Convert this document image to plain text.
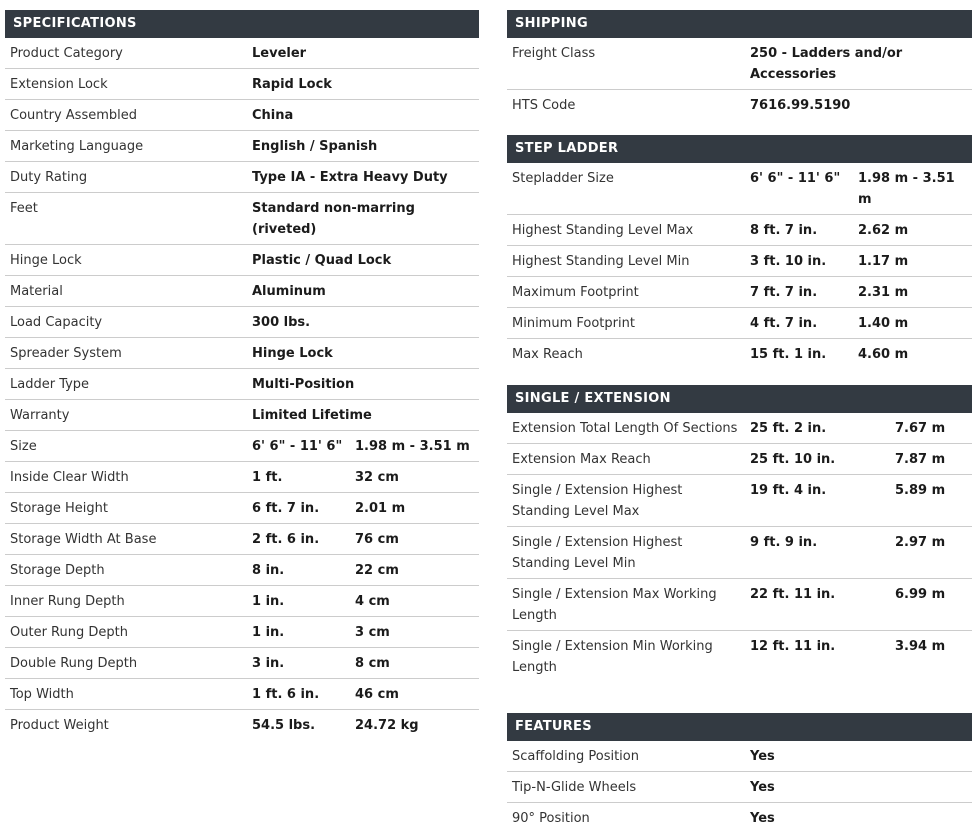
SPECIFICATIONS
Product Category	Leveler	
Extension Lock	Rapid Lock	
Country Assembled	China	
Marketing Language	English / Spanish	
Duty Rating	Type IA - Extra Heavy Duty	
Feet	Standard non-marring (riveted)	
Hinge Lock	Plastic / Quad Lock	
Material	Aluminum	
Load Capacity	300 lbs.	
Spreader System	Hinge Lock	
Ladder Type	Multi-Position	
Warranty	Limited Lifetime	
Size	6' 6" - 11' 6"	1.98 m - 3.51 m
Inside Clear Width	1 ft.	32 cm
Storage Height	6 ft. 7 in.	2.01 m
Storage Width At Base	2 ft. 6 in.	76 cm
Storage Depth	8 in.	22 cm
Inner Rung Depth	1 in.	4 cm
Outer Rung Depth	1 in.	3 cm
Double Rung Depth	3 in.	8 cm
Top Width	1 ft. 6 in.	46 cm
Product Weight	54.5 lbs.	24.72 kg
SHIPPING
Freight Class	250 - Ladders and/or Accessories
HTS Code	7616.99.5190
STEP LADDER
Stepladder Size	6' 6" - 11' 6"	1.98 m - 3.51 m
Highest Standing Level Max	8 ft. 7 in.	2.62 m
Highest Standing Level Min	3 ft. 10 in.	1.17 m
Maximum Footprint	7 ft. 7 in.	2.31 m
Minimum Footprint	4 ft. 7 in.	1.40 m
Max Reach	15 ft. 1 in.	4.60 m
SINGLE / EXTENSION
Extension Total Length Of Sections	25 ft. 2 in.	7.67 m
Extension Max Reach	25 ft. 10 in.	7.87 m
Single / Extension Highest Standing Level Max	19 ft. 4 in.	5.89 m
Single / Extension Highest Standing Level Min	9 ft. 9 in.	2.97 m
Single / Extension Max Working Length	22 ft. 11 in.	6.99 m
Single / Extension Min Working Length	12 ft. 11 in.	3.94 m
FEATURES
Scaffolding Position	Yes
Tip-N-Glide Wheels	Yes
90° Position	Yes
